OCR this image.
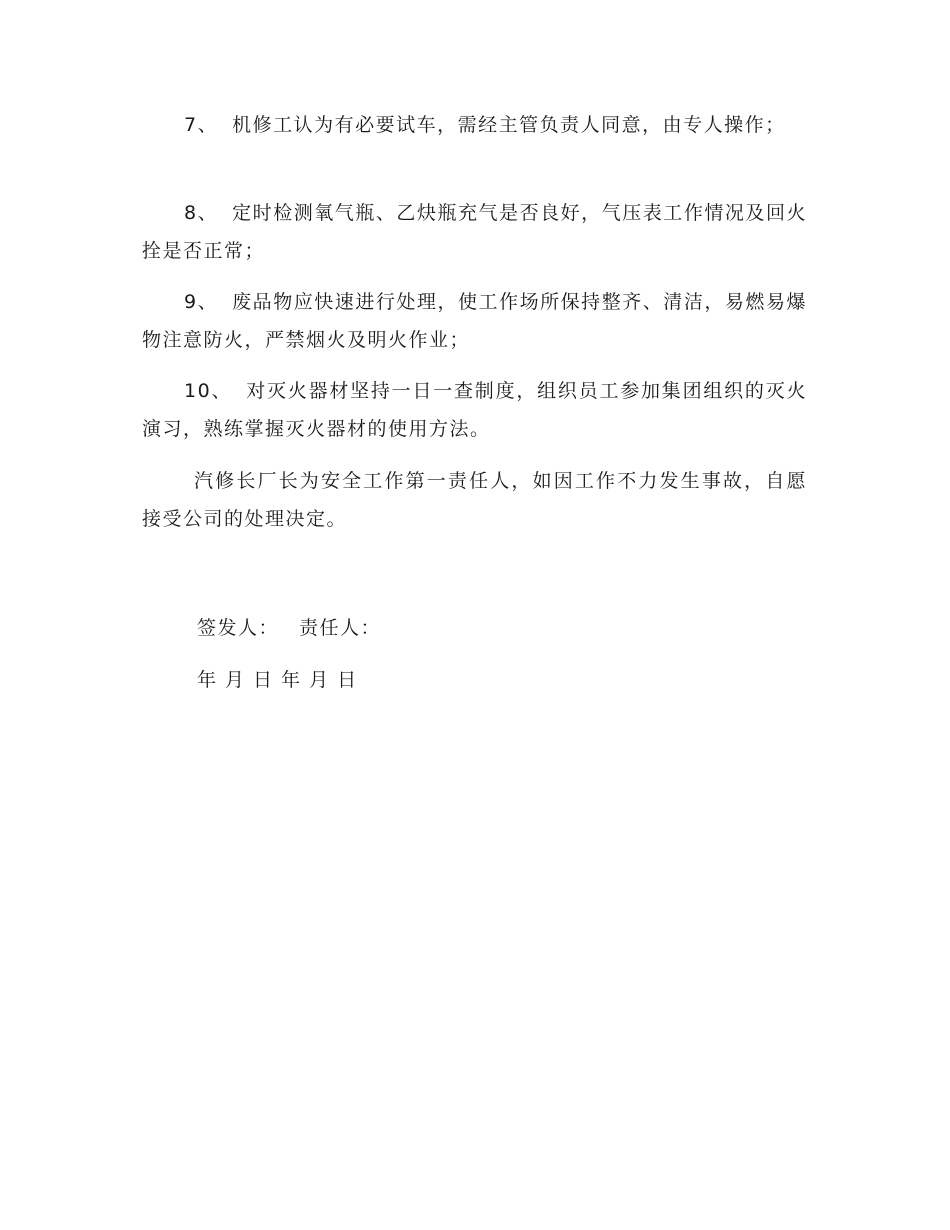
7、 机修工认为有必要试车，需经主管负责人同意，由专人操作；

8、 定时检测氧气瓶、乙炔瓶充气是否良好，气压表工作情况及回火拴是否正常；

9、 废品物应快速进行处理，使工作场所保持整齐、清洁，易燃易爆物注意防火，严禁烟火及明火作业；

10、 对灭火器材坚持一日一查制度，组织员工参加集团组织的灭火演习，熟练掌握灭火器材的使用方法。

汽修长厂长为安全工作第一责任人，如因工作不力发生事故，自愿接受公司的处理决定。

签发人： 责任人：

年 月 日 年 月 日
